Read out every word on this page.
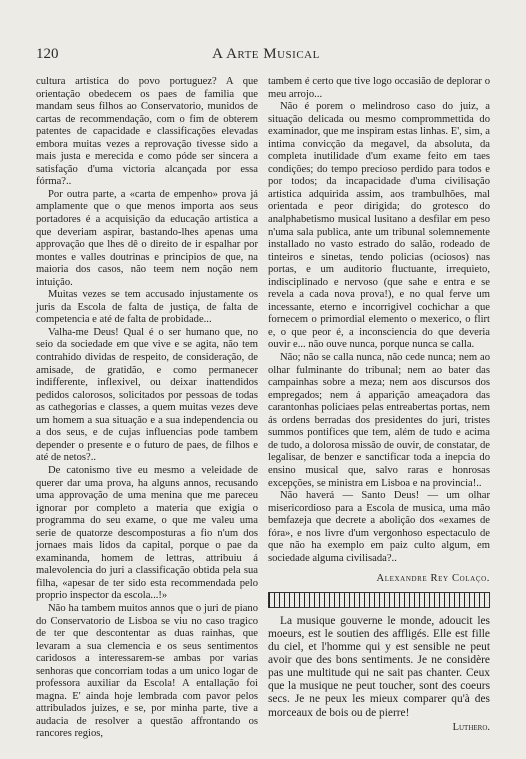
120	A Arte Musical

cultura artistica do povo portuguez? A que orientação obedecem os paes de familia que mandam seus filhos ao Conservatorio, munidos de cartas de recommendação, com o fim de obterem patentes de capacidade e classificações elevadas embora muitas vezes a reprovação tivesse sido a mais justa e merecida e como póde ser sincera a satisfação d'uma victoria alcançada por essa fórma?..

Por outra parte, a «carta de empenho» prova já amplamente que o que menos importa aos seus portadores é a acquisição da educação artistica a que deveriam aspirar, bastando-lhes apenas uma approvação que lhes dê o direito de ir espalhar por montes e valles doutrinas e principios de que, na maioria dos casos, não teem nem noção nem intuição.

Muitas vezes se tem accusado injustamente os juris da Escola de falta de justiça, de falta de competencia e até de falta de probidade...

Valha-me Deus! Qual é o ser humano que, no seio da sociedade em que vive e se agita, não tem contrahido dividas de respeito, de consideração, de amisade, de gratidão, e como permanecer indifferente, inflexivel, ou deixar inattendidos pedidos calorosos, solicitados por pessoas de todas as cathegorias e classes, a quem muitas vezes deve um homem a sua situação e a sua independencia ou a dos seus, e de cujas influencias pode tambem depender o presente e o futuro de paes, de filhos e até de netos?..

De catonismo tive eu mesmo a veleidade de querer dar uma prova, ha alguns annos, recusando uma approvação de uma menina que me pareceu ignorar por completo a materia que exigia o programma do seu exame, o que me valeu uma serie de quatorze descomposturas a fio n'um dos jornaes mais lidos da capital, porque o pae da examinanda, homem de lettras, attribuiu á malevolencia do juri a classificação obtida pela sua filha, «apesar de ter sido esta recommendada pelo proprio inspector da escola...!»

Não ha tambem muitos annos que o juri de piano do Conservatorio de Lisboa se viu no caso tragico de ter que descontentar as duas rainhas, que levaram a sua clemencia e os seus sentimentos caridosos a interessarem-se ambas por varias senhoras que concorriam todas a um unico logar de professora auxiliar da Escola! A entallação foi magna. E' ainda hoje lembrada com pavor pelos attribulados juizes, e se, por minha parte, tive a audacia de resolver a questão affrontando os rancores regios,

tambem é certo que tive logo occasião de deplorar o meu arrojo...

Não é porem o melindroso caso do juiz, a situação delicada ou mesmo comprommettida do examinador, que me inspiram estas linhas. E', sim, a intima convicção da megavel, da absoluta, da completa inutilidade d'um exame feito em taes condições; do tempo precioso perdido para todos e por todos; da incapacidade d'uma civilisação artistica adquirida assim, aos trambulhões, mal orientada e peor dirigida; do grotesco do analphabetismo musical lusitano a desfilar em peso n'uma sala publica, ante um tribunal solemnemente installado no vasto estrado do salão, rodeado de tinteiros e sinetas, tendo policias (ociosos) nas portas, e um auditorio fluctuante, irrequieto, indisciplinado e nervoso (que sahe e entra e se revela a cada nova prova!), e no qual ferve um incessante, eterno e incorrigivel cochichar a que fornecem o primordial elemento o mexerico, o flirt e, o que peor é, a inconsciencia do que deveria ouvir e... não ouve nunca, porque nunca se calla.

Não; não se calla nunca, não cede nunca; nem ao olhar fulminante do tribunal; nem ao bater das campainhas sobre a meza; nem aos discursos dos empregados; nem á apparição ameaçadora das carantonhas policiaes pelas entreabertas portas, nem ás ordens berradas dos presidentes do juri, tristes summos pontifices que tem, além de tudo e acima de tudo, a dolorosa missão de ouvir, de constatar, de legalisar, de benzer e sanctificar toda a inepcia do ensino musical que, salvo raras e honrosas excepções, se ministra em Lisboa e na provincia!..

Não haverá — Santo Deus! — um olhar misericordioso para a Escola de musica, uma mão bemfazeja que decrete a abolição dos «exames de fóra», e nos livre d'um vergonhoso espectaculo de que não ha exemplo em paiz culto algum, em sociedade alguma civilisada?..

Alexandre Rey Colaço.

La musique gouverne le monde, adoucit les moeurs, est le soutien des affligés. Elle est fille du ciel, et l'homme qui y est sensible ne peut avoir que des bons sentiments. Je ne considère pas une multitude qui ne sait pas chanter. Ceux que la musique ne peut toucher, sont des coeurs secs. Je ne peux les mieux comparer qu'à des morceaux de bois ou de pierre!

Luthero.
